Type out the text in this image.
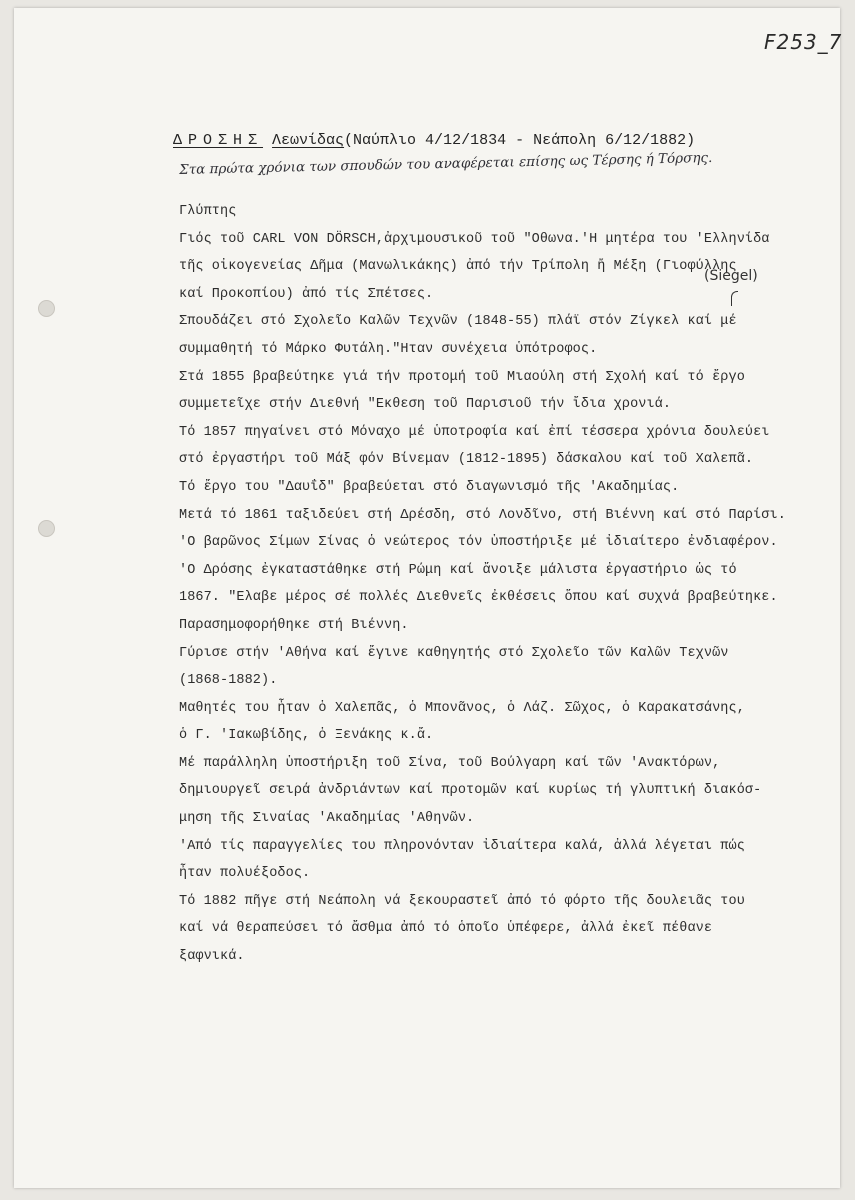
F253_7
ΔΡΟΣΗΣ Λεωνίδας(Ναύπλιο 4/12/1834 - Νεάπολη 6/12/1882)
Στα πρώτα χρόνια των σπουδών του αναφέρεται επίσης ως Τέρσης ή Τόρσης.
Γλύπτης
Γιός τοῦ CARL VON DÖRSCH,ἀρχιμουσικοῦ τοῦ "Οθωνα.'Η μητέρα του 'Ελληνίδα
τῆς οἰκογενείας Δῆμα (Μανωλικάκης) ἀπό τήν Τρίπολη ἤ Μέξη (Γιοφύλλης
καί Προκοπίου) ἀπό τίς Σπέτσες.
Σπουδάζει στό Σχολεῖο Καλῶν Τεχνῶν (1848-55) πλάϊ στόν Ζίγκελ καί μέ
συμμαθητή τό Μάρκο Φυτάλη."Ηταν συνέχεια ὑπότροφος.
Στά 1855 βραβεύτηκε γιά τήν προτομή τοῦ Μιαούλη στή Σχολή καί τό ἔργο
συμμετεῖχε στήν Διεθνή "Εκθεση τοῦ Παρισιοῦ τήν ἴδια χρονιά.
Τό 1857 πηγαίνει στό Μόναχο μέ ὑποτροφία καί ἐπί τέσσερα χρόνια δουλεύει
στό ἐργαστήρι τοῦ Μάξ φόν Βίνεμαν (1812-1895) δάσκαλου καί τοῦ Χαλεπᾶ.
Τό ἔργο του "Δαυΐδ" βραβεύεται στό διαγωνισμό τῆς 'Ακαδημίας.
Μετά τό 1861 ταξιδεύει στή Δρέσδη, στό Λονδῖνο, στή Βιέννη καί στό Παρίσι.
'Ο βαρῶνος Σίμων Σίνας ὁ νεώτερος τόν ὑποστήριξε μέ ἰδιαίτερο ἐνδιαφέρον.
'Ο Δρόσης ἐγκαταστάθηκε στή Ρώμη καί ἄνοιξε μάλιστα ἐργαστήριο ὡς τό
1867. "Ελαβε μέρος σέ πολλές Διεθνεῖς ἐκθέσεις ὅπου καί συχνά βραβεύτηκε.
Παρασημοφορήθηκε στή Βιέννη.
Γύρισε στήν 'Αθήνα καί ἔγινε καθηγητής στό Σχολεῖο τῶν Καλῶν Τεχνῶν
(1868-1882).
Μαθητές του ἦταν ὁ Χαλεπᾶς, ὁ Μπονᾶνος, ὁ Λάζ. Σῶχος, ὁ Καρακατσάνης,
ὁ Γ. 'Ιακωβίδης, ὁ Ξενάκης κ.ἄ.
Μέ παράλληλη ὑποστήριξη τοῦ Σίνα, τοῦ Βούλγαρη καί τῶν 'Ανακτόρων,
δημιουργεῖ σειρά ἀνδριάντων καί προτομῶν καί κυρίως τή γλυπτική διακόσ-
μηση τῆς Σιναίας 'Ακαδημίας 'Αθηνῶν.
'Από τίς παραγγελίες του πληρονόνταν ἰδιαίτερα καλά, ἀλλά λέγεται πώς
ἦταν πολυέξοδος.
Τό 1882 πῆγε στή Νεάπολη νά ξεκουραστεῖ ἀπό τό φόρτο τῆς δουλειᾶς του
καί νά θεραπεύσει τό ἄσθμα ἀπό τό ὁποῖο ὑπέφερε, ἀλλά ἐκεῖ πέθανε
ξαφνικά.
( Siegel )
